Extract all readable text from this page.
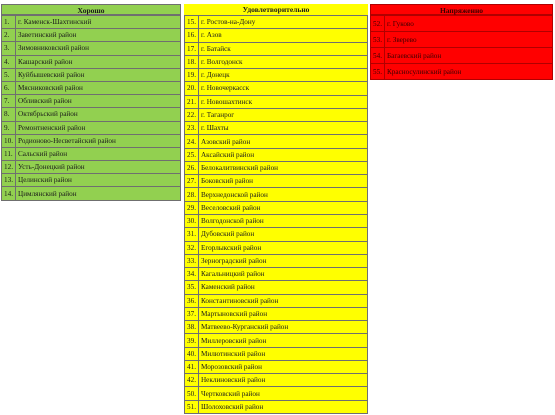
Хорошо
1.	г. Каменск-Шахтинский
2.	Заветинский район
3.	Зимовниковский район
4.	Кашарский район
5.	Куйбышевский район
6.	Мясниковский район
7.	Обливский район
8.	Октябрьский район
9.	Ремонтненский район
10.	Родионово-Несветайский район
11.	Сальский район
12.	Усть-Донецкий район
13.	Целинский район
14.	Цимлянский район
Удовлетворительно
15.	г. Ростов-на-Дону
16.	г. Азов
17.	г. Батайск
18.	г. Волгодонск
19.	г. Донецк
20.	г. Новочеркасск
21.	г. Новошахтинск
22.	г. Таганрог
23.	г. Шахты
24.	Азовский район
25.	Аксайский район
26.	Белокалитвинский район
27.	Боковский район
28.	Верхнедонской район
29.	Веселовский район
30.	Волгодонской район
31.	Дубовский район
32.	Егорлыкский район
33.	Зерноградский район
34.	Кагальницкий район
35.	Каменский район
36.	Константиновский район
37.	Мартыновский район
38.	Матвеево-Курганский район
39.	Миллеровский район
40.	Милютинский район
41.	Морозовский район
42.	Неклиновский район
50.	Чертковский район
51.	Шолоховский район
Напряженно
52.	г. Гуково
53.	г. Зверево
54.	Багаевский район
55.	Красносулинский район
